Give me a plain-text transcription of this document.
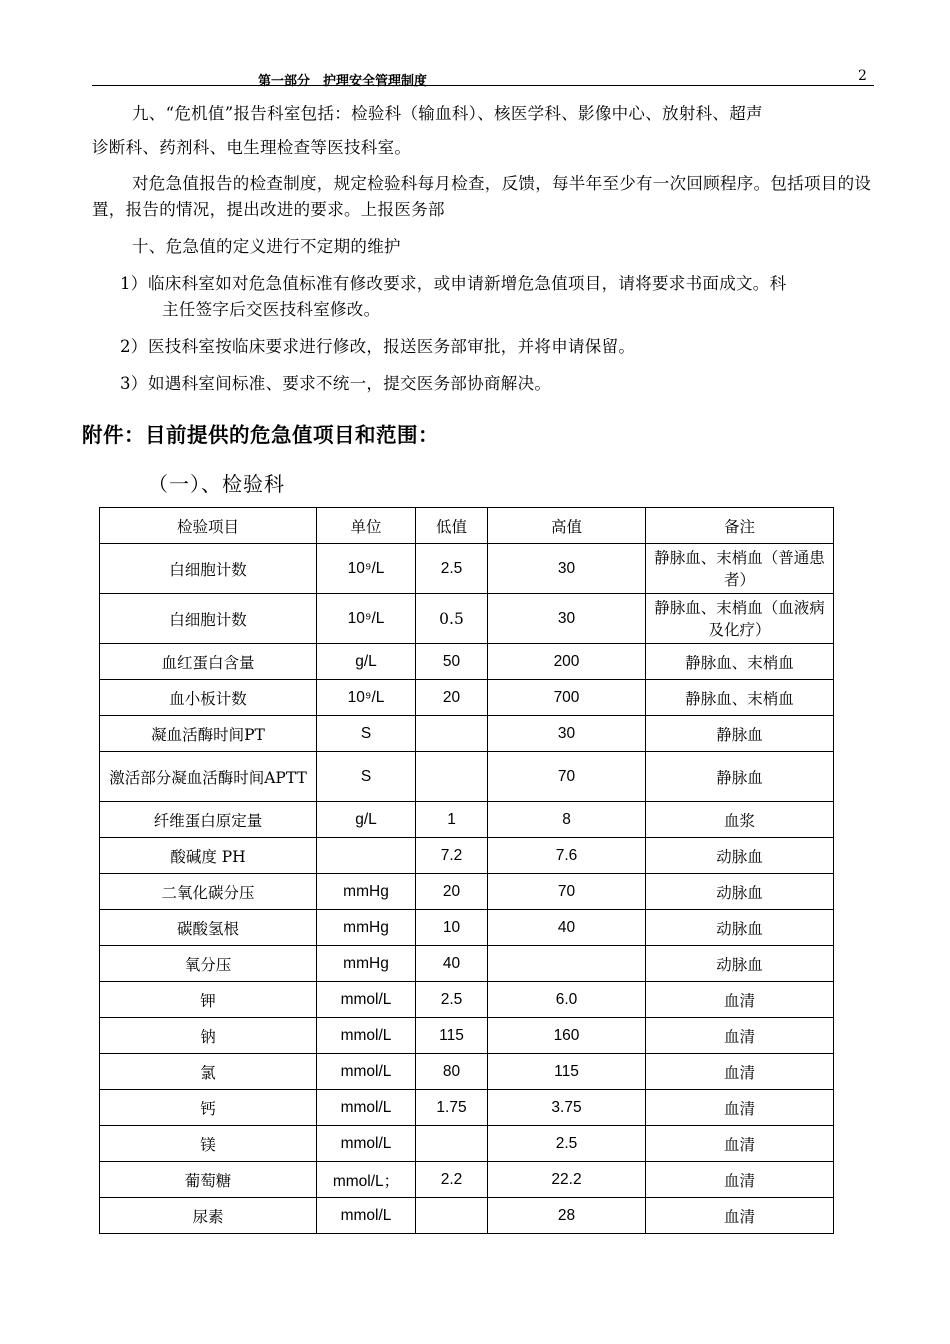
第一部分　护理安全管理制度	2
九、“危机值”报告科室包括：检验科（输血科）、核医学科、影像中心、放射科、超声
诊断科、药剂科、电生理检查等医技科室。
对危急值报告的检查制度，规定检验科每月检查，反馈，每半年至少有一次回顾程序。包括项目的设置，报告的情况，提出改进的要求。上报医务部
十、危急值的定义进行不定期的维护
1）临床科室如对危急值标准有修改要求，或申请新增危急值项目，请将要求书面成文。科
主任签字后交医技科室修改。
2）医技科室按临床要求进行修改，报送医务部审批，并将申请保留。
3）如遇科室间标准、要求不统一，提交医务部协商解决。
附件：目前提供的危急值项目和范围：
（一）、检验科
检验项目	单位	低值	高值	备注
白细胞计数	10⁹/L	2.5	30	静脉血、末梢血（普通患者）
白细胞计数	10⁹/L	0.5	30	静脉血、末梢血（血液病及化疗）
血红蛋白含量	g/L	50	200	静脉血、末梢血
血小板计数	10⁹/L	20	700	静脉血、末梢血
凝血活酶时间PT	S		30	静脉血
激活部分凝血活酶时间APTT	S		70	静脉血
纤维蛋白原定量	g/L	1	8	血浆
酸碱度 PH		7.2	7.6	动脉血
二氧化碳分压	mmHg	20	70	动脉血
碳酸氢根	mmHg	10	40	动脉血
氧分压	mmHg	40		动脉血
钾	mmol/L	2.5	6.0	血清
钠	mmol/L	115	160	血清
氯	mmol/L	80	115	血清
钙	mmol/L	1.75	3.75	血清
镁	mmol/L		2.5	血清
葡萄糖	mmol/L；	2.2	22.2	血清
尿素	mmol/L		28	血清
